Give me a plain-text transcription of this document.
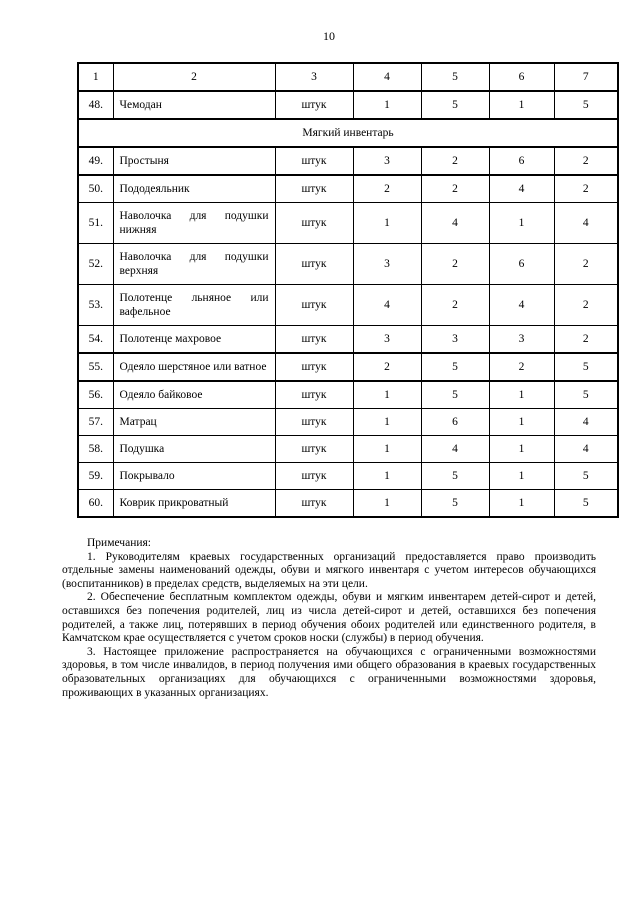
10
1	2	3	4	5	6	7
48.	Чемодан	штук	1	5	1	5
Мягкий инвентарь						
49.	Простыня	штук	3	2	6	2
50.	Пододеяльник	штук	2	2	4	2
51.	Наволочка для подушки нижняя	штук	1	4	1	4
52.	Наволочка для подушки верхняя	штук	3	2	6	2
53.	Полотенце льняное или вафельное	штук	4	2	4	2
54.	Полотенце махровое	штук	3	3	3	2
55.	Одеяло шерстяное или ватное	штук	2	5	2	5
56.	Одеяло байковое	штук	1	5	1	5
57.	Матрац	штук	1	6	1	4
58.	Подушка	штук	1	4	1	4
59.	Покрывало	штук	1	5	1	5
60.	Коврик прикроватный	штук	1	5	1	5

Примечания:

1. Руководителям краевых государственных организаций предоставляется право производить отдельные замены наименований одежды, обуви и мягкого инвентаря с учетом интересов обучающихся (воспитанников) в пределах средств, выделяемых на эти цели.

2. Обеспечение бесплатным комплектом одежды, обуви и мягким инвентарем детей-сирот и детей, оставшихся без попечения родителей, лиц из числа детей-сирот и детей, оставшихся без попечения родителей, а также лиц, потерявших в период обучения обоих родителей или единственного родителя, в Камчатском крае осуществляется с учетом сроков носки (службы) в период обучения.

3. Настоящее приложение распространяется на обучающихся с ограниченными возможностями здоровья, в том числе инвалидов, в период получения ими общего образования в краевых государственных образовательных организациях для обучающихся с ограниченными возможностями здоровья, проживающих в указанных организациях.
